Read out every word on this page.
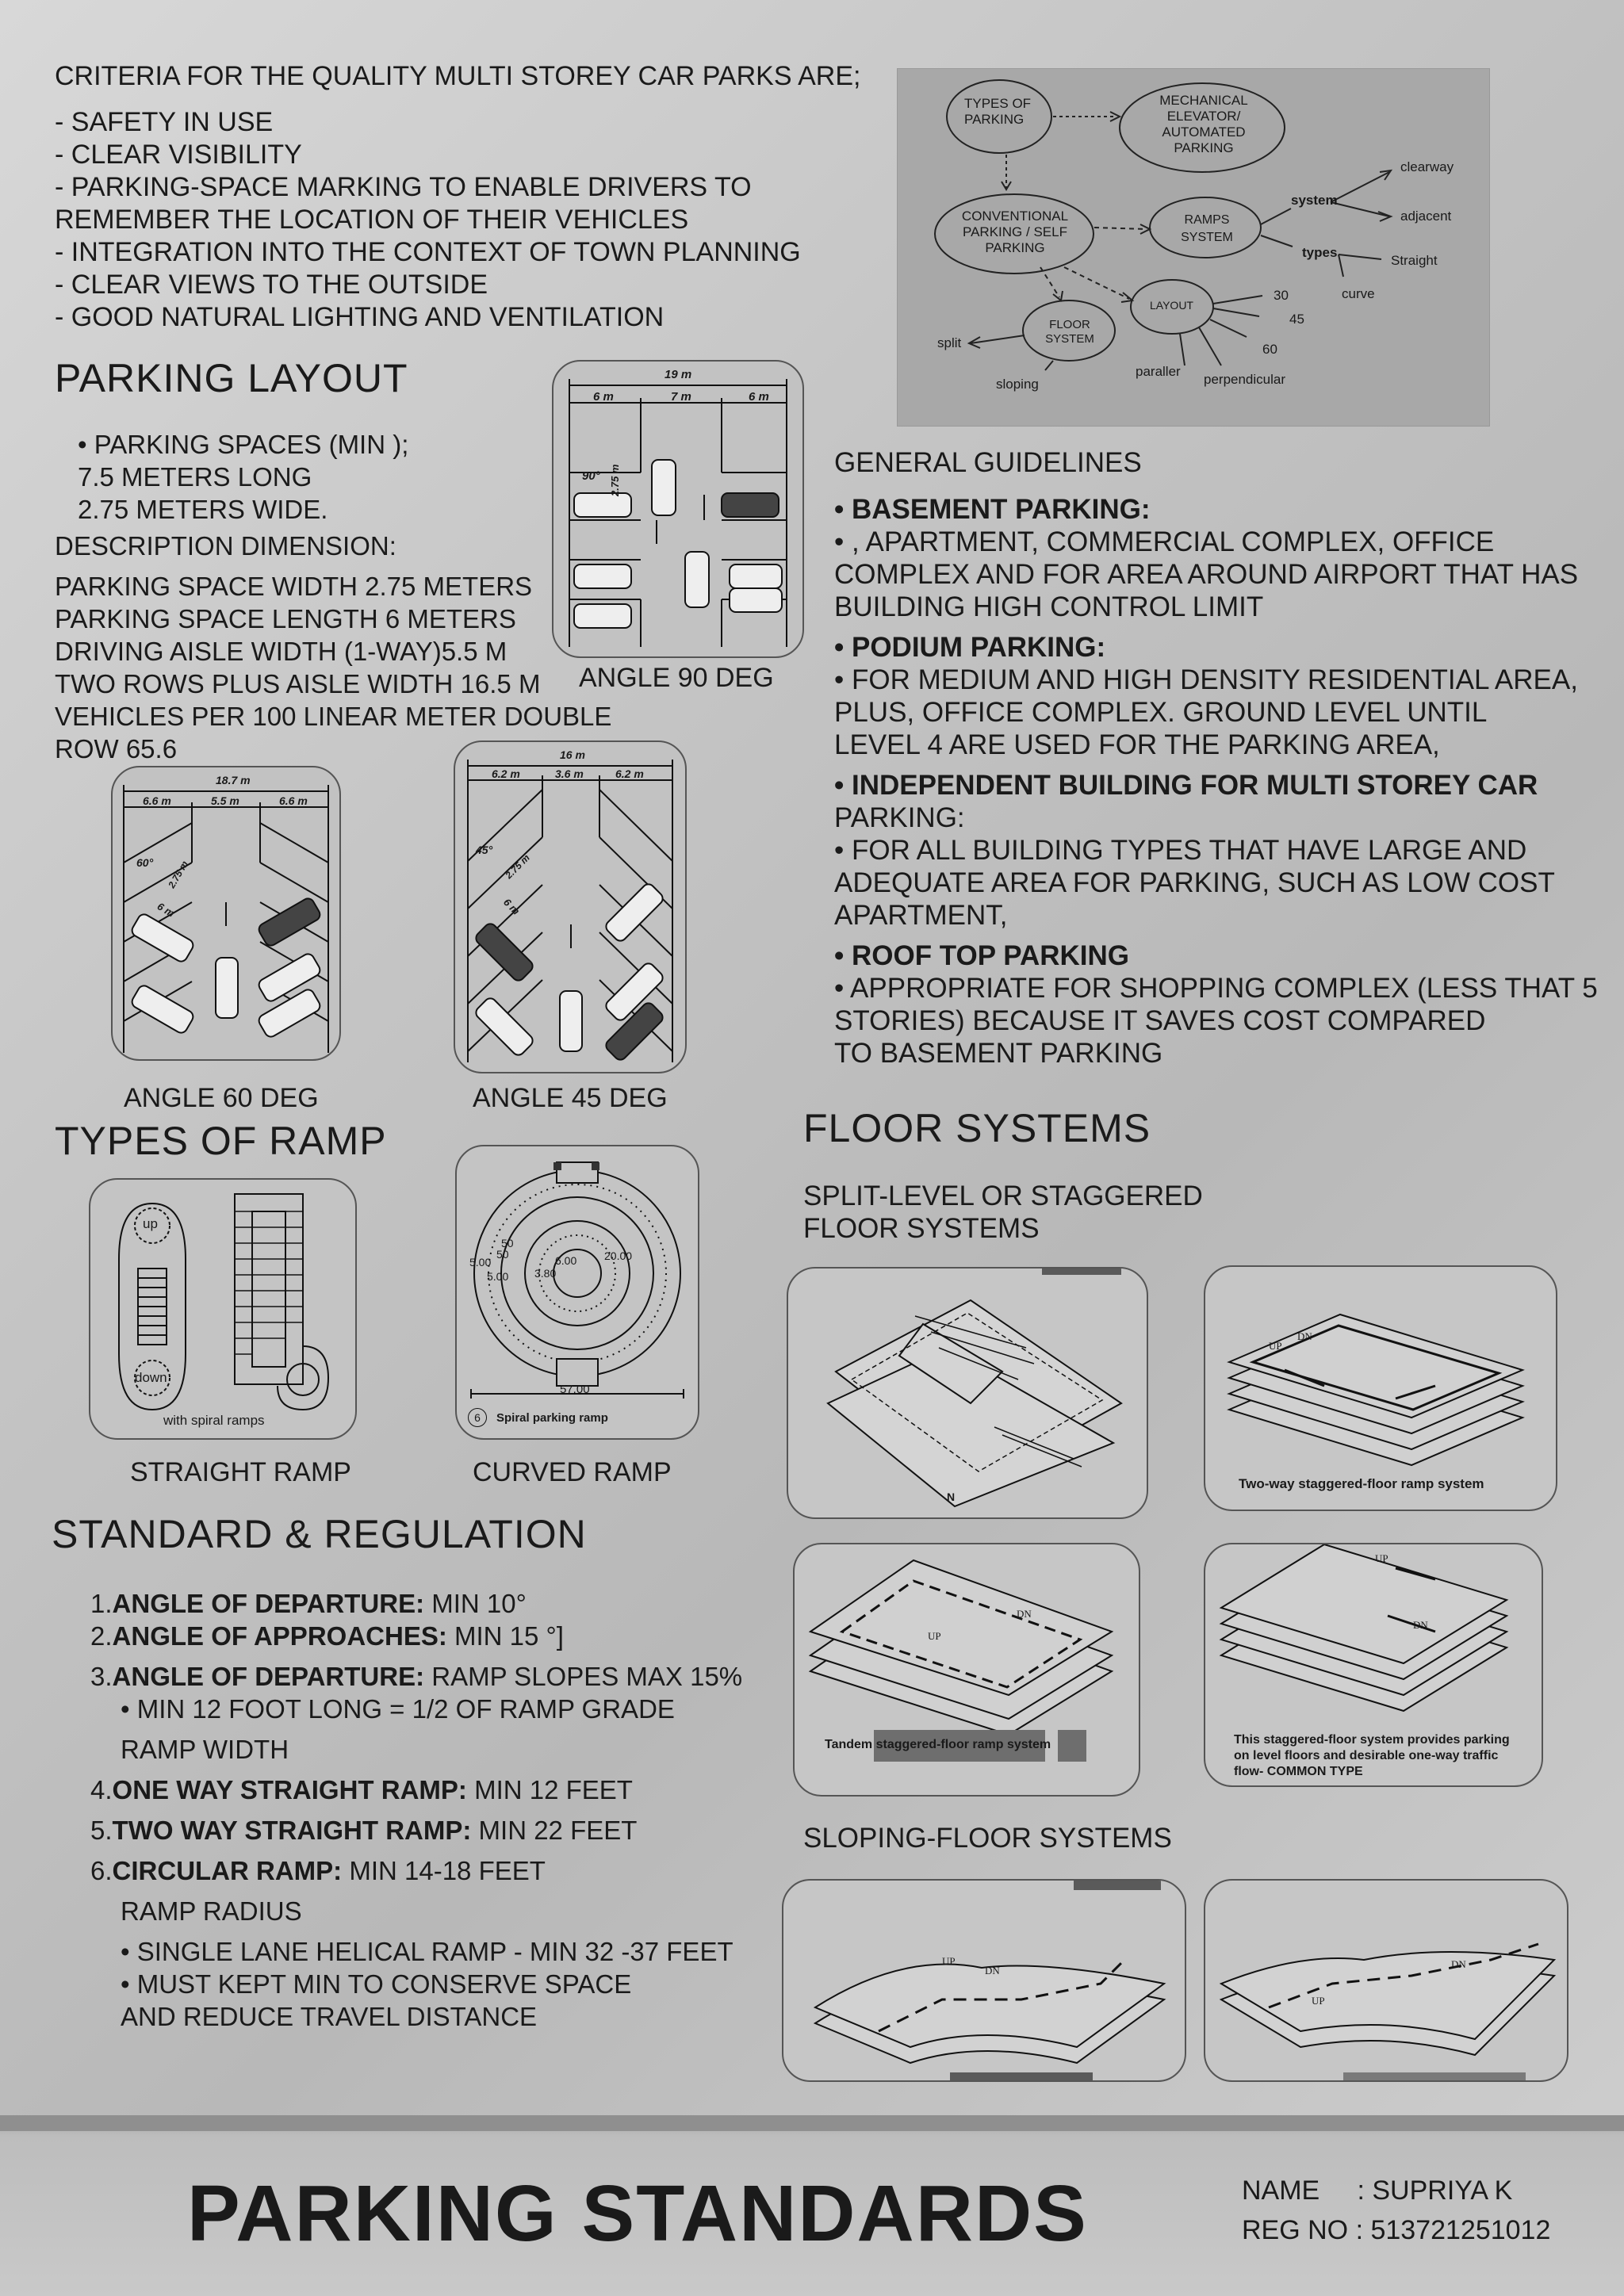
CRITERIA FOR THE QUALITY MULTI STOREY CAR PARKS ARE;
- SAFETY IN USE
- CLEAR VISIBILITY
- PARKING-SPACE MARKING TO ENABLE DRIVERS TO
REMEMBER THE LOCATION OF THEIR VEHICLES
- INTEGRATION INTO THE CONTEXT OF TOWN PLANNING
- CLEAR VIEWS TO THE OUTSIDE
- GOOD NATURAL LIGHTING AND VENTILATION
TYPES OF PARKING
MECHANICAL ELEVATOR/ AUTOMATED PARKING
CONVENTIONAL PARKING / SELF PARKING
RAMPS SYSTEM
system
clearway
adjacent
types
Straight
curve
LAYOUT
30
45
60
paraller
perpendicular
FLOOR SYSTEM
split
sloping
PARKING LAYOUT
• PARKING SPACES (MIN );
7.5 METERS LONG
2.75 METERS WIDE.
DESCRIPTION DIMENSION:
PARKING SPACE WIDTH 2.75 METERS
PARKING SPACE LENGTH 6 METERS
DRIVING AISLE WIDTH (1-WAY)5.5 M
TWO ROWS PLUS AISLE WIDTH 16.5 M
VEHICLES PER 100 LINEAR METER DOUBLE
ROW 65.6
19 m
6 m	7 m	6 m
90° 2.75 m
ANGLE 90 DEG
18.7 m
6.6 m	5.5 m	6.6 m
60° 2.75 m
6 m
ANGLE 60 DEG
16 m
6.2 m	3.6 m	6.2 m
45°
2.75 m
6 m
ANGLE 45 DEG
GENERAL GUIDELINES
• BASEMENT PARKING:
• , APARTMENT, COMMERCIAL COMPLEX, OFFICE
COMPLEX AND FOR AREA AROUND AIRPORT THAT HAS
BUILDING HIGH CONTROL LIMIT
• PODIUM PARKING:
• FOR MEDIUM AND HIGH DENSITY RESIDENTIAL AREA,
PLUS, OFFICE COMPLEX. GROUND LEVEL UNTIL
LEVEL 4 ARE USED FOR THE PARKING AREA,
• INDEPENDENT BUILDING FOR MULTI STOREY CAR
PARKING:
• FOR ALL BUILDING TYPES THAT HAVE LARGE AND
ADEQUATE AREA FOR PARKING, SUCH AS LOW COST
APARTMENT,
• ROOF TOP PARKING
• APPROPRIATE FOR SHOPPING COMPLEX (LESS THAT 5
STORIES) BECAUSE IT SAVES COST COMPARED
TO BASEMENT PARKING
TYPES OF RAMP
up
down
with spiral ramps
STRAIGHT RAMP
57.00
5.00
5.00
50
50	6.00 20.00
3.80
6	Spiral parking ramp
CURVED RAMP
FLOOR SYSTEMS
SPLIT-LEVEL OR STAGGERED
FLOOR SYSTEMS
N
UP
DN
Two-way staggered-floor ramp system
UP
DN
Tandem staggered-floor ramp system
UP
DN
This staggered-floor system provides parking
on level floors and desirable one-way traffic
flow- COMMON TYPE
SLOPING-FLOOR SYSTEMS
UP
DN
UP
DN
STANDARD & REGULATION
1.ANGLE OF DEPARTURE: MIN 10°
2.ANGLE OF APPROACHES: MIN 15 °]
3.ANGLE OF DEPARTURE: RAMP SLOPES MAX 15%
• MIN 12 FOOT LONG = 1/2 OF RAMP GRADE
RAMP WIDTH
4.ONE WAY STRAIGHT RAMP: MIN 12 FEET
5.TWO WAY STRAIGHT RAMP: MIN 22 FEET
6.CIRCULAR RAMP: MIN 14-18 FEET
RAMP RADIUS
• SINGLE LANE HELICAL RAMP - MIN 32 -37 FEET
• MUST KEPT MIN TO CONSERVE SPACE
AND REDUCE TRAVEL DISTANCE
PARKING STANDARDS	NAME     : SUPRIYA K
REG NO : 513721251012
